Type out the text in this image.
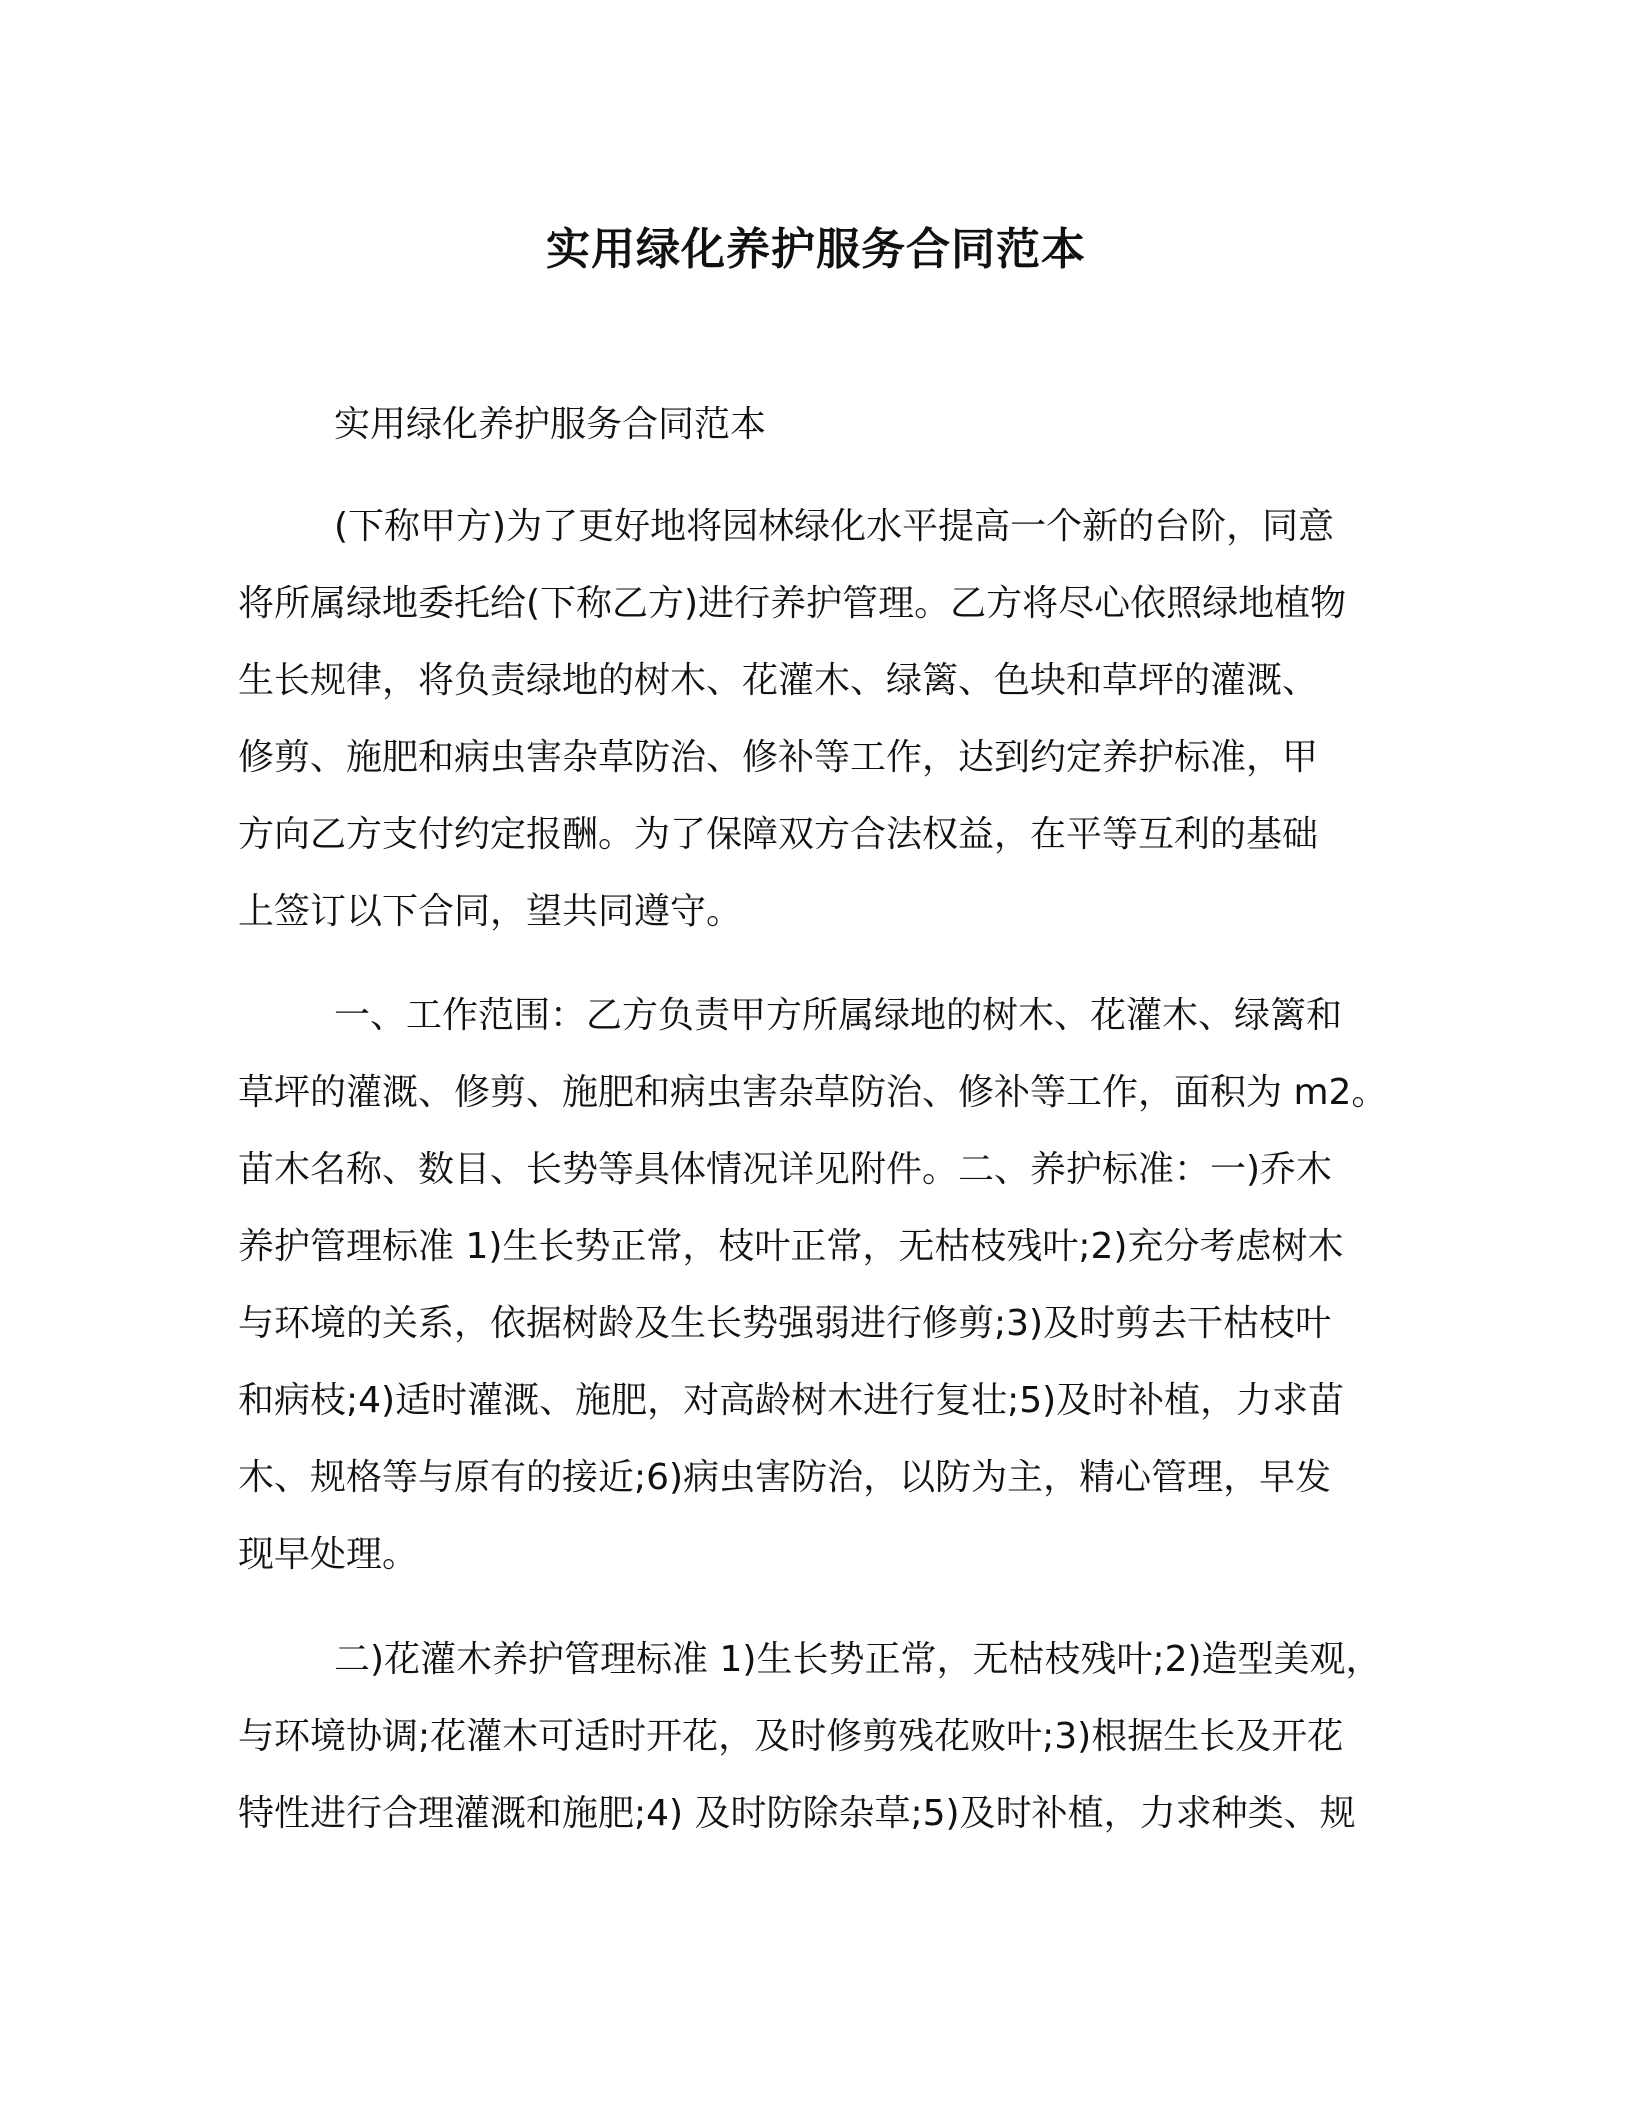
实用绿化养护服务合同范本

实用绿化养护服务合同范本

(下称甲方)为了更好地将园林绿化水平提高一个新的台阶，同意
将所属绿地委托给(下称乙方)进行养护管理。乙方将尽心依照绿地植物
生长规律，将负责绿地的树木、花灌木、绿篱、色块和草坪的灌溉、
修剪、施肥和病虫害杂草防治、修补等工作，达到约定养护标准，甲
方向乙方支付约定报酬。为了保障双方合法权益，在平等互利的基础
上签订以下合同，望共同遵守。

一、工作范围：乙方负责甲方所属绿地的树木、花灌木、绿篱和
草坪的灌溉、修剪、施肥和病虫害杂草防治、修补等工作，面积为 m2。
苗木名称、数目、长势等具体情况详见附件。二、养护标准：一)乔木
养护管理标准 1)生长势正常，枝叶正常，无枯枝残叶;2)充分考虑树木
与环境的关系，依据树龄及生长势强弱进行修剪;3)及时剪去干枯枝叶
和病枝;4)适时灌溉、施肥，对高龄树木进行复壮;5)及时补植，力求苗
木、规格等与原有的接近;6)病虫害防治，以防为主，精心管理，早发
现早处理。

二)花灌木养护管理标准 1)生长势正常，无枯枝残叶;2)造型美观，
与环境协调;花灌木可适时开花，及时修剪残花败叶;3)根据生长及开花
特性进行合理灌溉和施肥;4) 及时防除杂草;5)及时补植，力求种类、规
